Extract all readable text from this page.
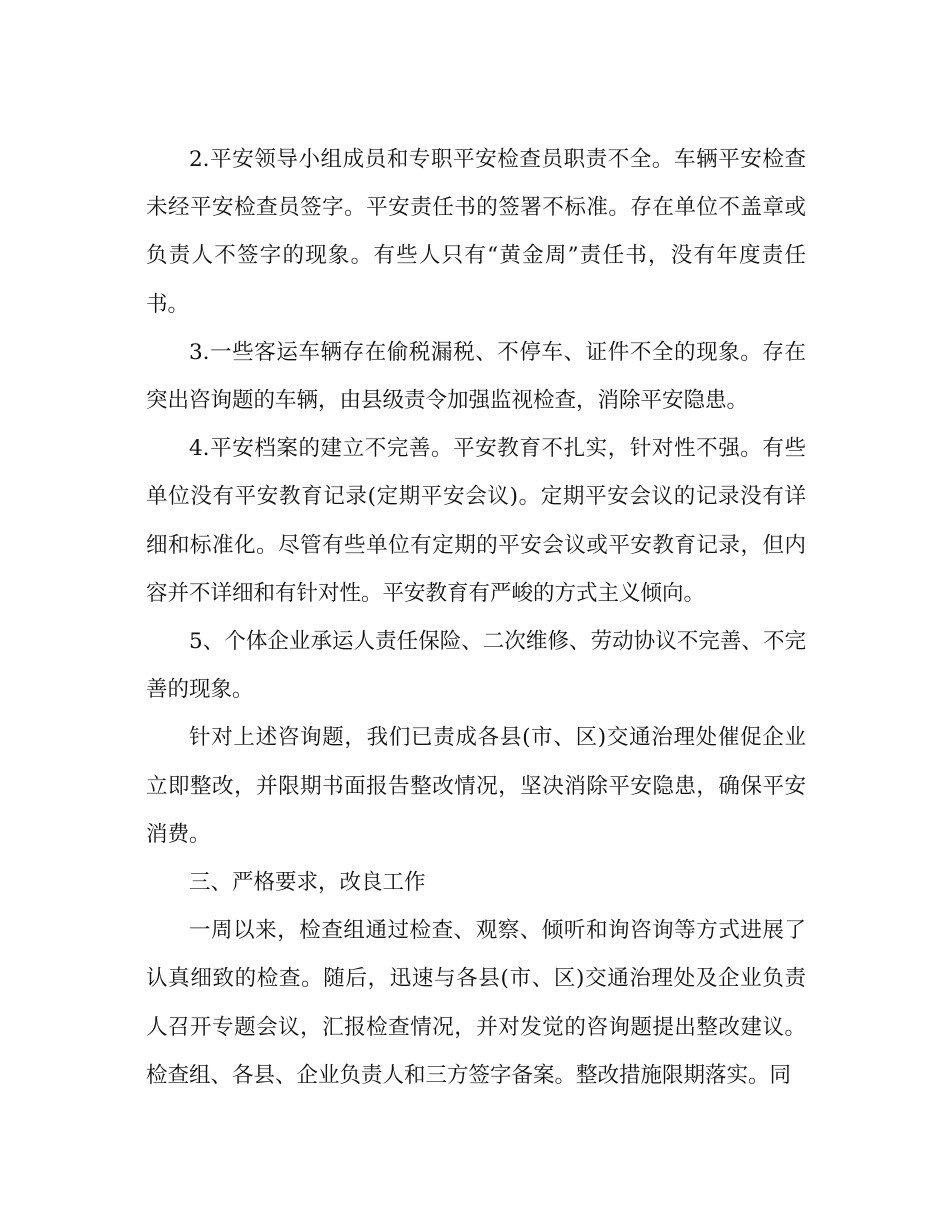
2.平安领导小组成员和专职平安检查员职责不全。车辆平安检查未经平安检查员签字。平安责任书的签署不标准。存在单位不盖章或负责人不签字的现象。有些人只有“黄金周”责任书，没有年度责任书。

3.一些客运车辆存在偷税漏税、不停车、证件不全的现象。存在突出咨询题的车辆，由县级责令加强监视检查，消除平安隐患。

4.平安档案的建立不完善。平安教育不扎实，针对性不强。有些单位没有平安教育记录(定期平安会议)。定期平安会议的记录没有详细和标准化。尽管有些单位有定期的平安会议或平安教育记录，但内容并不详细和有针对性。平安教育有严峻的方式主义倾向。

5、个体企业承运人责任保险、二次维修、劳动协议不完善、不完善的现象。

针对上述咨询题，我们已责成各县(市、区)交通治理处催促企业立即整改，并限期书面报告整改情况，坚决消除平安隐患，确保平安消费。

三、严格要求，改良工作

一周以来，检查组通过检查、观察、倾听和询咨询等方式进展了认真细致的检查。随后，迅速与各县(市、区)交通治理处及企业负责人召开专题会议，汇报检查情况，并对发觉的咨询题提出整改建议。检查组、各县、企业负责人和三方签字备案。整改措施限期落实。同
